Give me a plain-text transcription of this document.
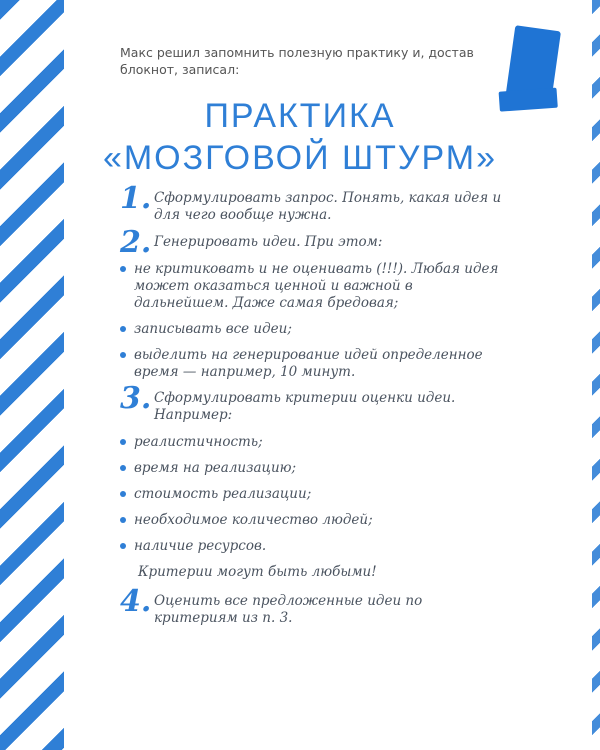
Макс решил запомнить полезную практику и, достав блокнот, записал:
ПРАКТИКА
«МОЗГОВОЙ ШТУРМ»
1. Сформулировать запрос. Понять, какая идея и для чего вообще нужна.
2. Генерировать идеи. При этом:
не критиковать и не оценивать (!!!). Любая идея может оказаться ценной и важной в дальнейшем. Даже самая бредовая;
записывать все идеи;
выделить на генерирование идей определенное время — например, 10 минут.
3. Сформулировать критерии оценки идеи. Например:
реалистичность;
время на реализацию;
стоимость реализации;
необходимое количество людей;
наличие ресурсов.
Критерии могут быть любыми!
4. Оценить все предложенные идеи по критериям из п. 3.
